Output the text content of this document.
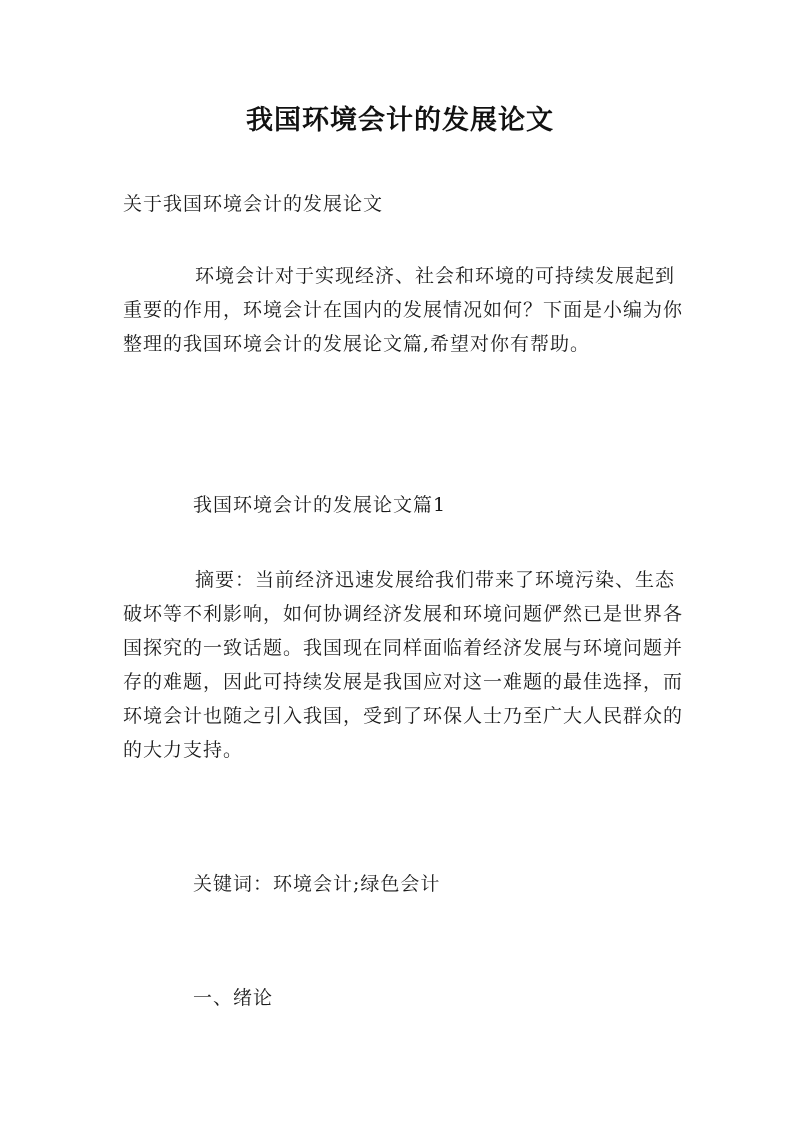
我国环境会计的发展论文
关于我国环境会计的发展论文

环境会计对于实现经济、社会和环境的可持续发展起到重要的作用，环境会计在国内的发展情况如何？下面是小编为你整理的我国环境会计的发展论文篇,希望对你有帮助。

我国环境会计的发展论文篇1

摘要：当前经济迅速发展给我们带来了环境污染、生态破坏等不利影响，如何协调经济发展和环境问题俨然已是世界各国探究的一致话题。我国现在同样面临着经济发展与环境问题并存的难题，因此可持续发展是我国应对这一难题的最佳选择，而环境会计也随之引入我国，受到了环保人士乃至广大人民群众的的大力支持。

关键词：环境会计;绿色会计
一、绪论
